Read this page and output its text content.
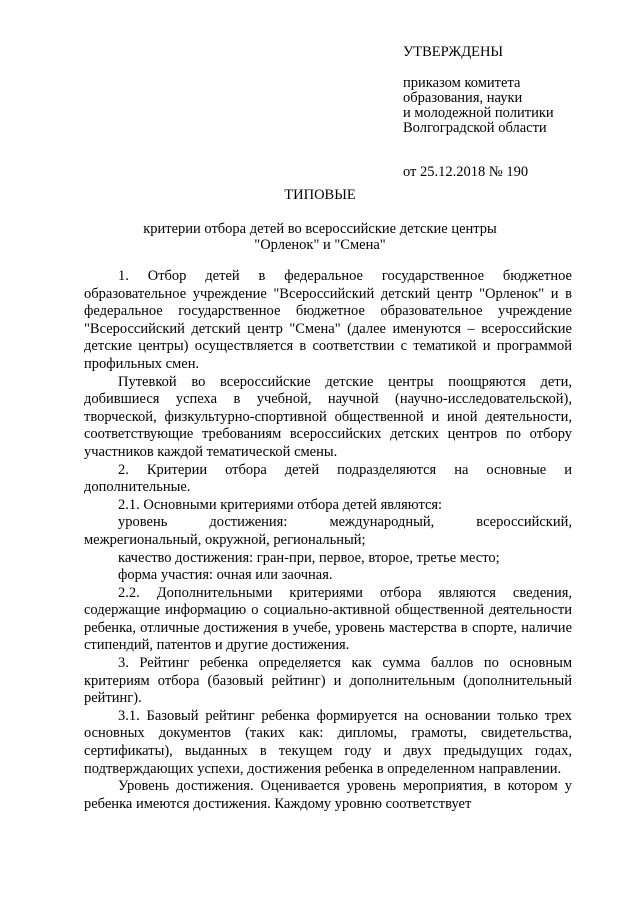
УТВЕРЖДЕНЫ
приказом комитета
образования, науки
и молодежной политики
Волгоградской области
от 25.12.2018 № 190
ТИПОВЫЕ
критерии отбора детей во всероссийские детские центры
"Орленок" и "Смена"

1. Отбор детей в федеральное государственное бюджетное образовательное учреждение "Всероссийский детский центр "Орленок" и в федеральное государственное бюджетное образовательное учреждение "Всероссийский детский центр "Смена" (далее именуются – всероссийские детские центры) осуществляется в соответствии с тематикой и программой профильных смен.

Путевкой во всероссийские детские центры поощряются дети, добившиеся успеха в учебной, научной (научно-исследовательской), творческой, физкультурно-спортивной общественной и иной деятельности, соответствующие требованиям всероссийских детских центров по отбору участников каждой тематической смены.

2. Критерии отбора детей подразделяются на основные и дополнительные.

2.1. Основными критериями отбора детей являются:

уровень достижения: международный, всероссийский, межрегиональный, окружной, региональный;

качество достижения: гран-при, первое, второе, третье место;

форма участия: очная или заочная.

2.2. Дополнительными критериями отбора являются сведения, содержащие информацию о социально-активной общественной деятельности ребенка, отличные достижения в учебе, уровень мастерства в спорте, наличие стипендий, патентов и другие достижения.

3. Рейтинг ребенка определяется как сумма баллов по основным критериям отбора (базовый рейтинг) и дополнительным (дополнительный рейтинг).

3.1. Базовый рейтинг ребенка формируется на основании только трех основных документов (таких как: дипломы, грамоты, свидетельства, сертификаты), выданных в текущем году и двух предыдущих годах, подтверждающих успехи, достижения ребенка в определенном направлении.

Уровень достижения. Оценивается уровень мероприятия, в котором у ребенка имеются достижения. Каждому уровню соответствует
